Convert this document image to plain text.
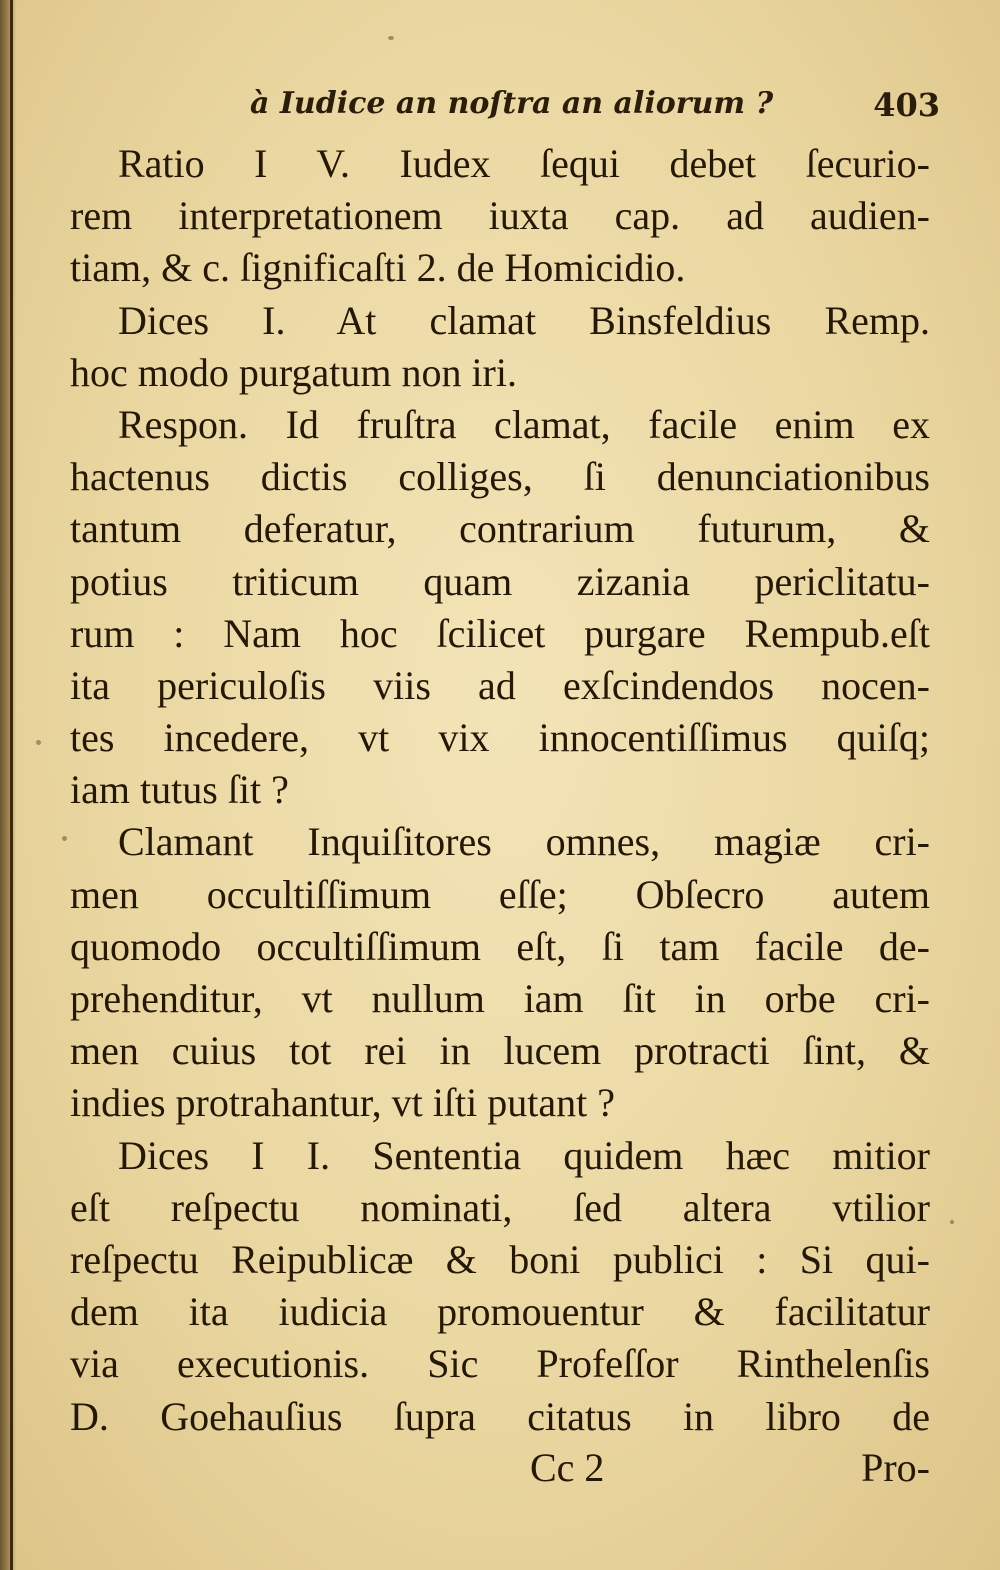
à Iudice an noſtra an aliorum ?	403
Ratio I V. Iudex ſequi debet ſecurio-
rem interpretationem iuxta cap. ad audien-
tiam, & c. ſignificaſti 2. de Homicidio.
Dices I. At clamat Binsfeldius Remp.
hoc modo purgatum non iri.
Respon. Id fruſtra clamat, facile enim ex
hactenus dictis colliges, ſi denunciationibus
tantum deferatur, contrarium futurum, &
potius triticum quam zizania periclitatu-
rum : Nam hoc ſcilicet purgare Rempub.eſt
ita periculoſis viis ad exſcindendos nocen-
tes incedere, vt vix innocentiſſimus quiſq;
iam tutus ſit ?
Clamant Inquiſitores omnes, magiæ cri-
men occultiſſimum eſſe; Obſecro autem
quomodo occultiſſimum eſt, ſi tam facile de-
prehenditur, vt nullum iam ſit in orbe cri-
men cuius tot rei in lucem protracti ſint, &
indies protrahantur, vt iſti putant ?
Dices I I. Sententia quidem hæc mitior
eſt reſpectu nominati, ſed altera vtilior
reſpectu Reipublicæ & boni publici : Si qui-
dem ita iudicia promouentur & facilitatur
via executionis. Sic Profeſſor Rinthelenſis
D. Goehauſius ſupra citatus in libro de
Cc 2	Pro-
